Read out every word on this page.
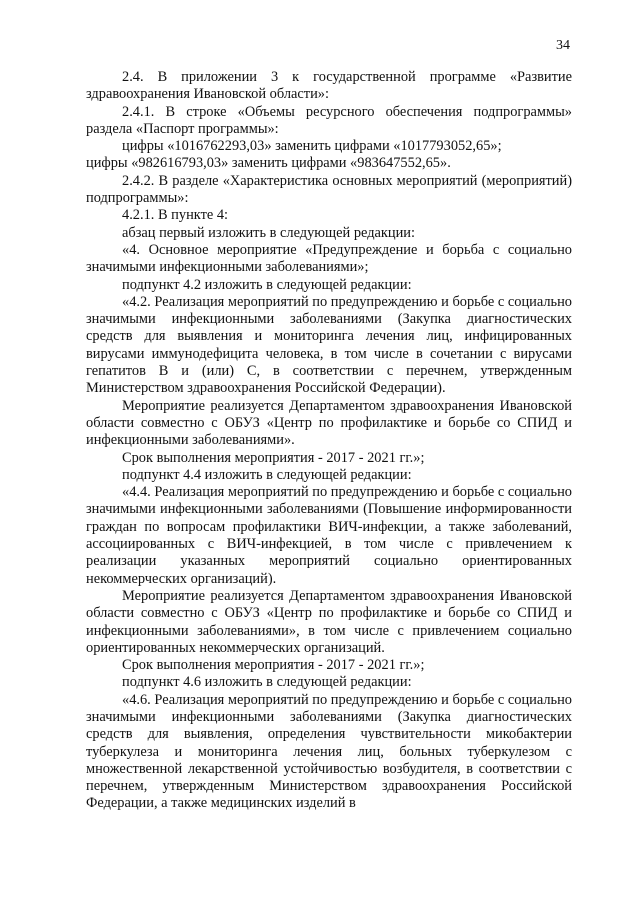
34

2.4. В приложении 3 к государственной программе «Развитие здравоохранения Ивановской области»:

2.4.1. В строке «Объемы ресурсного обеспечения подпрограммы» раздела «Паспорт программы»:

цифры «1016762293,03» заменить цифрами «1017793052,65»;

цифры «982616793,03» заменить цифрами «983647552,65».

2.4.2. В разделе «Характеристика основных мероприятий (мероприятий) подпрограммы»:

4.2.1. В пункте 4:

абзац первый изложить в следующей редакции:

«4. Основное мероприятие «Предупреждение и борьба с социально значимыми инфекционными заболеваниями»;

подпункт 4.2 изложить в следующей редакции:

«4.2. Реализация мероприятий по предупреждению и борьбе с социально значимыми инфекционными заболеваниями (Закупка диагностических средств для выявления и мониторинга лечения лиц, инфицированных вирусами иммунодефицита человека, в том числе в сочетании с вирусами гепатитов В и (или) С, в соответствии с перечнем, утвержденным Министерством здравоохранения Российской Федерации).

Мероприятие реализуется Департаментом здравоохранения Ивановской области совместно с ОБУЗ «Центр по профилактике и борьбе со СПИД и инфекционными заболеваниями».

Срок выполнения мероприятия - 2017 - 2021 гг.»;

подпункт 4.4 изложить в следующей редакции:

«4.4. Реализация мероприятий по предупреждению и борьбе с социально значимыми инфекционными заболеваниями (Повышение информированности граждан по вопросам профилактики ВИЧ-инфекции, а также заболеваний, ассоциированных с ВИЧ-инфекцией, в том числе с привлечением к реализации указанных мероприятий социально ориентированных некоммерческих организаций).

Мероприятие реализуется Департаментом здравоохранения Ивановской области совместно с ОБУЗ «Центр по профилактике и борьбе со СПИД и инфекционными заболеваниями», в том числе с привлечением социально ориентированных некоммерческих организаций.

Срок выполнения мероприятия - 2017 - 2021 гг.»;

подпункт 4.6 изложить в следующей редакции:

«4.6. Реализация мероприятий по предупреждению и борьбе с социально значимыми инфекционными заболеваниями (Закупка диагностических средств для выявления, определения чувствительности микобактерии туберкулеза и мониторинга лечения лиц, больных туберкулезом с множественной лекарственной устойчивостью возбудителя, в соответствии с перечнем, утвержденным Министерством здравоохранения Российской Федерации, а также медицинских изделий в
